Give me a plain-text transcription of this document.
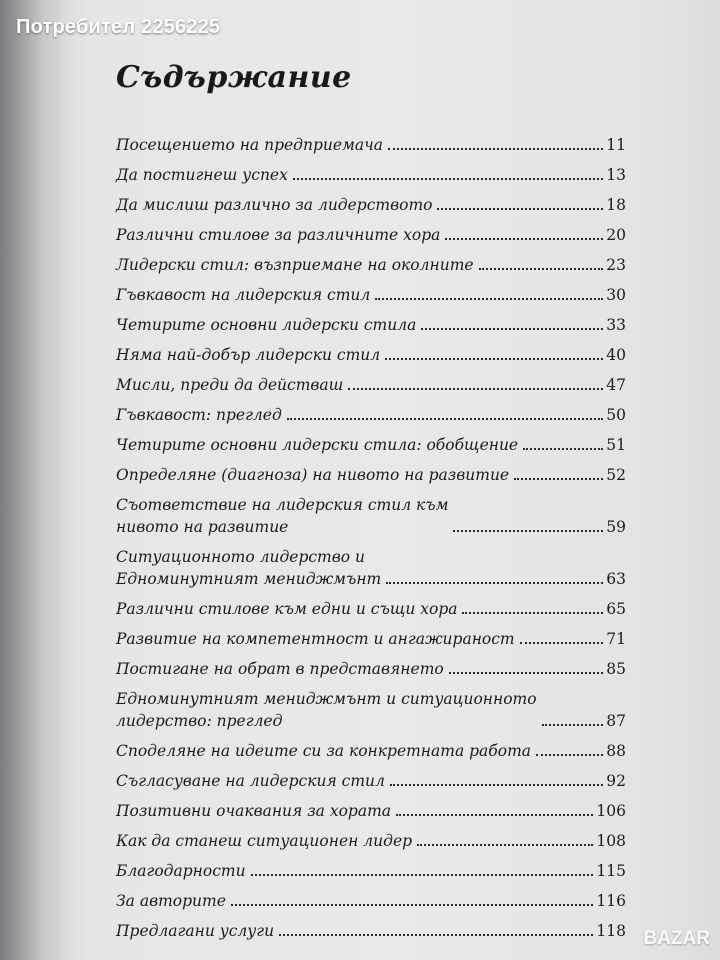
Потребител 2256225
Съдържание
Посещението на предприемача	11
Да постигнеш успех	13
Да мислиш различно за лидерството	18
Различни стилове за различните хора	20
Лидерски стил: възприемане на околните	23
Гъвкавост на лидерския стил	30
Четирите основни лидерски стила	33
Няма най-добър лидерски стил	40
Мисли, преди да действаш	47
Гъвкавост: преглед	50
Четирите основни лидерски стила: обобщение	51
Определяне (диагноза) на нивото на развитие	52
Съответствие на лидерския стил към
нивото на развитие	59
Ситуационното лидерство и
Едноминутният мениджмънт	63
Различни стилове към едни и същи хора	65
Развитие на компетентност и ангажираност	71
Постигане на обрат в представянето	85
Едноминутният мениджмънт и ситуационното
лидерство: преглед	87
Споделяне на идеите си за конкретната работа	88
Съгласуване на лидерския стил	92
Позитивни очаквания за хората	106
Как да станеш ситуационен лидер	108
Благодарности	115
За авторите	116
Предлагани услуги	118 BAZAR
